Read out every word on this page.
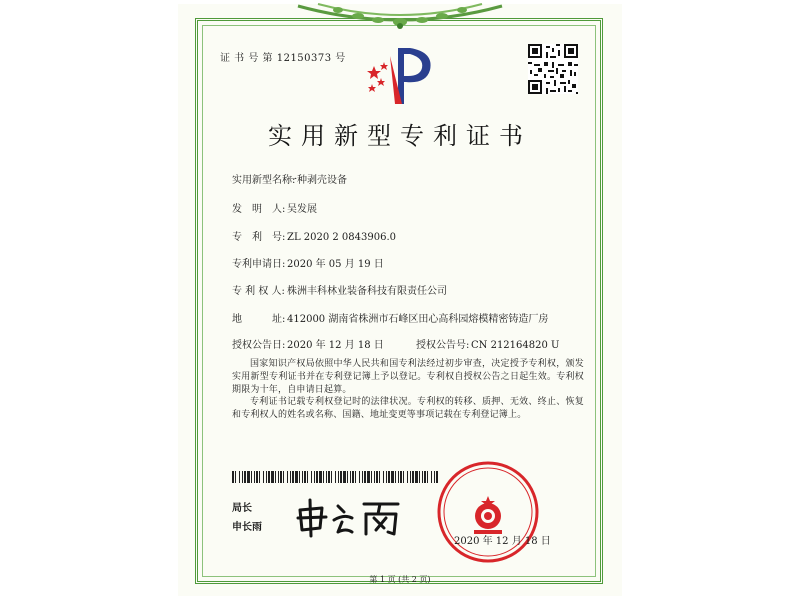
证 书 号 第 12150373 号
实用新型专利证书
实用新型名称:一种剥壳设备
发　明　人: 吴发展
专　利　号: ZL 2020 2 0843906.0
专利申请日: 2020 年 05 月 19 日
专 利 权 人: 株洲丰科林业装备科技有限责任公司
地　　　址: 412000 湖南省株洲市石峰区田心高科园熔模精密铸造厂房
授权公告日: 2020 年 12 月 18 日	授权公告号: CN 212164820 U
国家知识产权局依照中华人民共和国专利法经过初步审查，决定授予专利权，颁发实用新型专利证书并在专利登记簿上予以登记。专利权自授权公告之日起生效。专利权期限为十年，自申请日起算。
专利证书记载专利权登记时的法律状况。专利权的转移、质押、无效、终止、恢复和专利权人的姓名或名称、国籍、地址变更等事项记载在专利登记簿上。
局长
申长雨
2020 年 12 月 18 日
第 1 页 (共 2 页)
